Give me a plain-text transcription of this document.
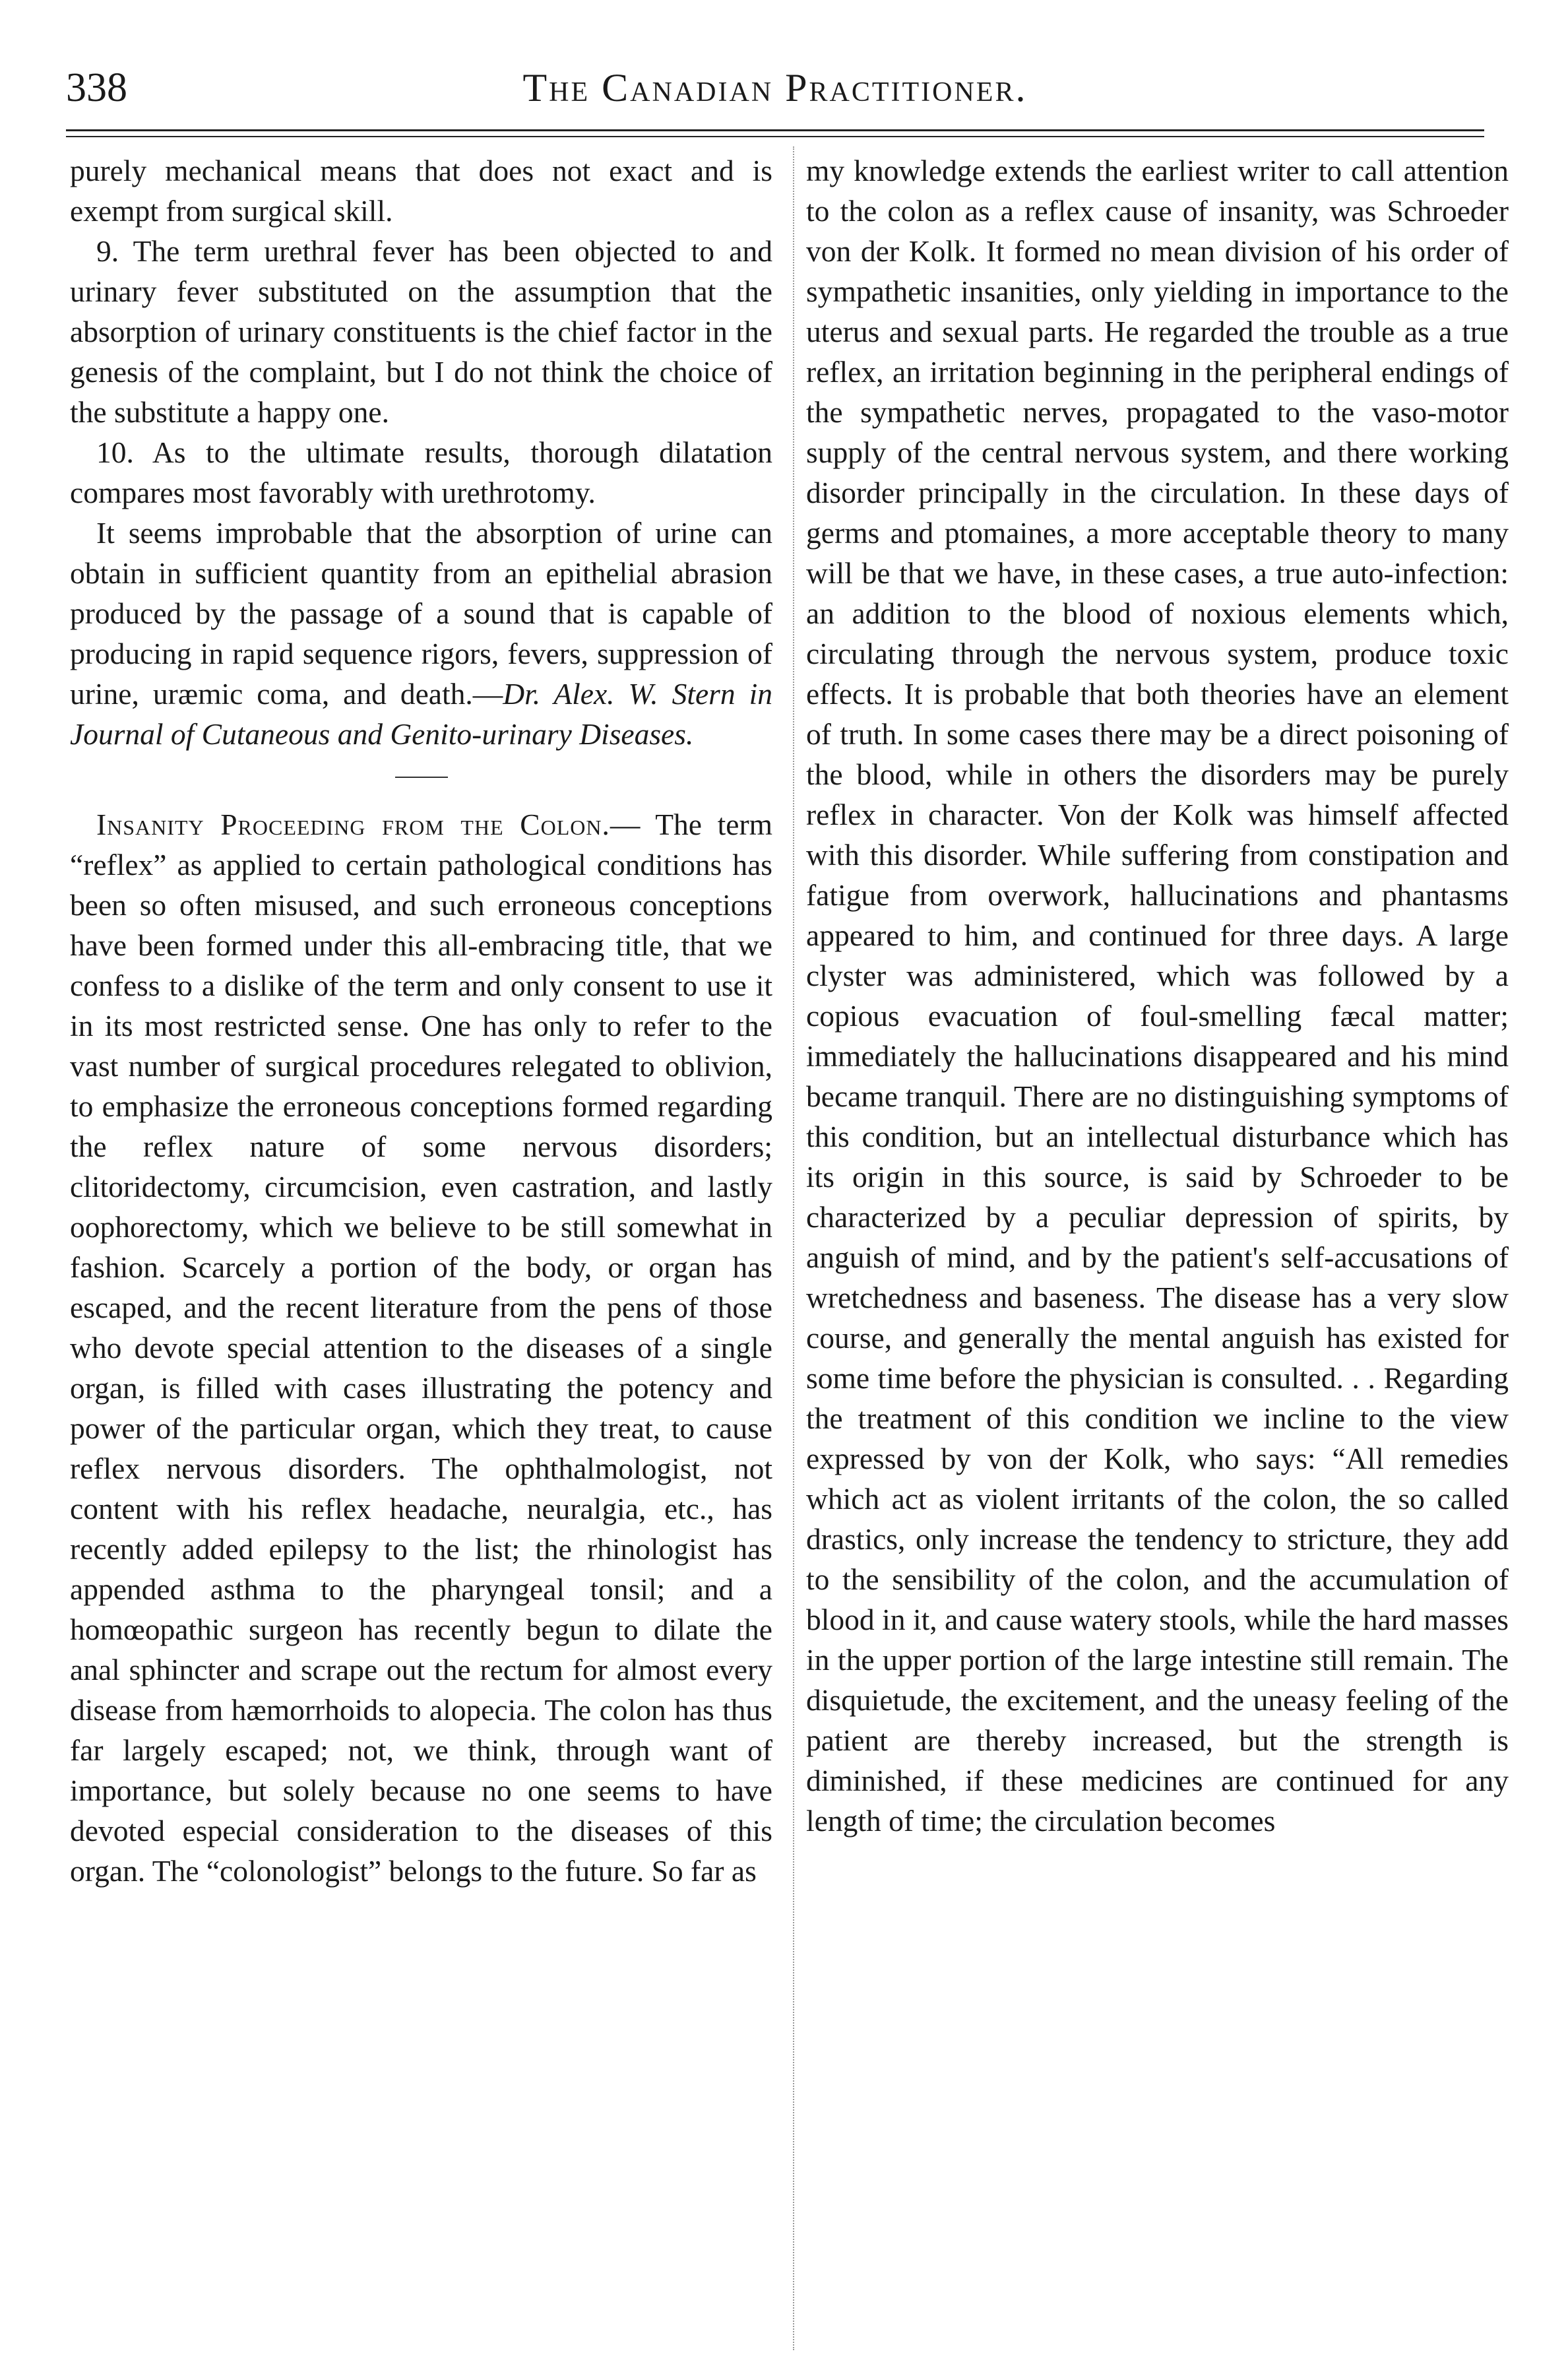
338	The Canadian Practitioner.

purely mechanical means that does not exact and is exempt from surgical skill.

9. The term urethral fever has been objected to and urinary fever substituted on the assumption that the absorption of urinary constituents is the chief factor in the genesis of the complaint, but I do not think the choice of the substitute a happy one.

10. As to the ultimate results, thorough dilatation compares most favorably with urethrotomy.

It seems improbable that the absorption of urine can obtain in sufficient quantity from an epithelial abrasion produced by the passage of a sound that is capable of producing in rapid sequence rigors, fevers, suppression of urine, uræmic coma, and death.—Dr. Alex. W. Stern in Journal of Cutaneous and Genito-urinary Diseases.

Insanity Proceeding from the Colon.— The term “reflex” as applied to certain pathological conditions has been so often misused, and such erroneous conceptions have been formed under this all-embracing title, that we confess to a dislike of the term and only consent to use it in its most restricted sense. One has only to refer to the vast number of surgical procedures relegated to oblivion, to emphasize the erroneous conceptions formed regarding the reflex nature of some nervous disorders; clitoridectomy, circumcision, even castration, and lastly oophorectomy, which we believe to be still somewhat in fashion. Scarcely a portion of the body, or organ has escaped, and the recent literature from the pens of those who devote special attention to the diseases of a single organ, is filled with cases illustrating the potency and power of the particular organ, which they treat, to cause reflex nervous disorders. The ophthalmologist, not content with his reflex headache, neuralgia, etc., has recently added epilepsy to the list; the rhinologist has appended asthma to the pharyngeal tonsil; and a homœopathic surgeon has recently begun to dilate the anal sphincter and scrape out the rectum for almost every disease from hæmorrhoids to alopecia. The colon has thus far largely escaped; not, we think, through want of importance, but solely because no one seems to have devoted especial consideration to the diseases of this organ. The “colonologist” belongs to the future. So far as

my knowledge extends the earliest writer to call attention to the colon as a reflex cause of insanity, was Schroeder von der Kolk. It formed no mean division of his order of sympathetic insanities, only yielding in importance to the uterus and sexual parts. He regarded the trouble as a true reflex, an irritation beginning in the peripheral endings of the sympathetic nerves, propagated to the vaso-motor supply of the central nervous system, and there working disorder principally in the circulation. In these days of germs and ptomaines, a more acceptable theory to many will be that we have, in these cases, a true auto-infection: an addition to the blood of noxious elements which, circulating through the nervous system, produce toxic effects. It is probable that both theories have an element of truth. In some cases there may be a direct poisoning of the blood, while in others the disorders may be purely reflex in character. Von der Kolk was himself affected with this disorder. While suffering from constipation and fatigue from overwork, hallucinations and phantasms appeared to him, and continued for three days. A large clyster was administered, which was followed by a copious evacuation of foul-smelling fæcal matter; immediately the hallucinations disappeared and his mind became tranquil. There are no distinguishing symptoms of this condition, but an intellectual disturbance which has its origin in this source, is said by Schroeder to be characterized by a peculiar depression of spirits, by anguish of mind, and by the patient's self-accusations of wretchedness and baseness. The disease has a very slow course, and generally the mental anguish has existed for some time before the physician is consulted. . . Regarding the treatment of this condition we incline to the view expressed by von der Kolk, who says: “All remedies which act as violent irritants of the colon, the so called drastics, only increase the tendency to stricture, they add to the sensibility of the colon, and the accumulation of blood in it, and cause watery stools, while the hard masses in the upper portion of the large intestine still remain. The disquietude, the excitement, and the uneasy feeling of the patient are thereby increased, but the strength is diminished, if these medicines are continued for any length of time; the circulation becomes
